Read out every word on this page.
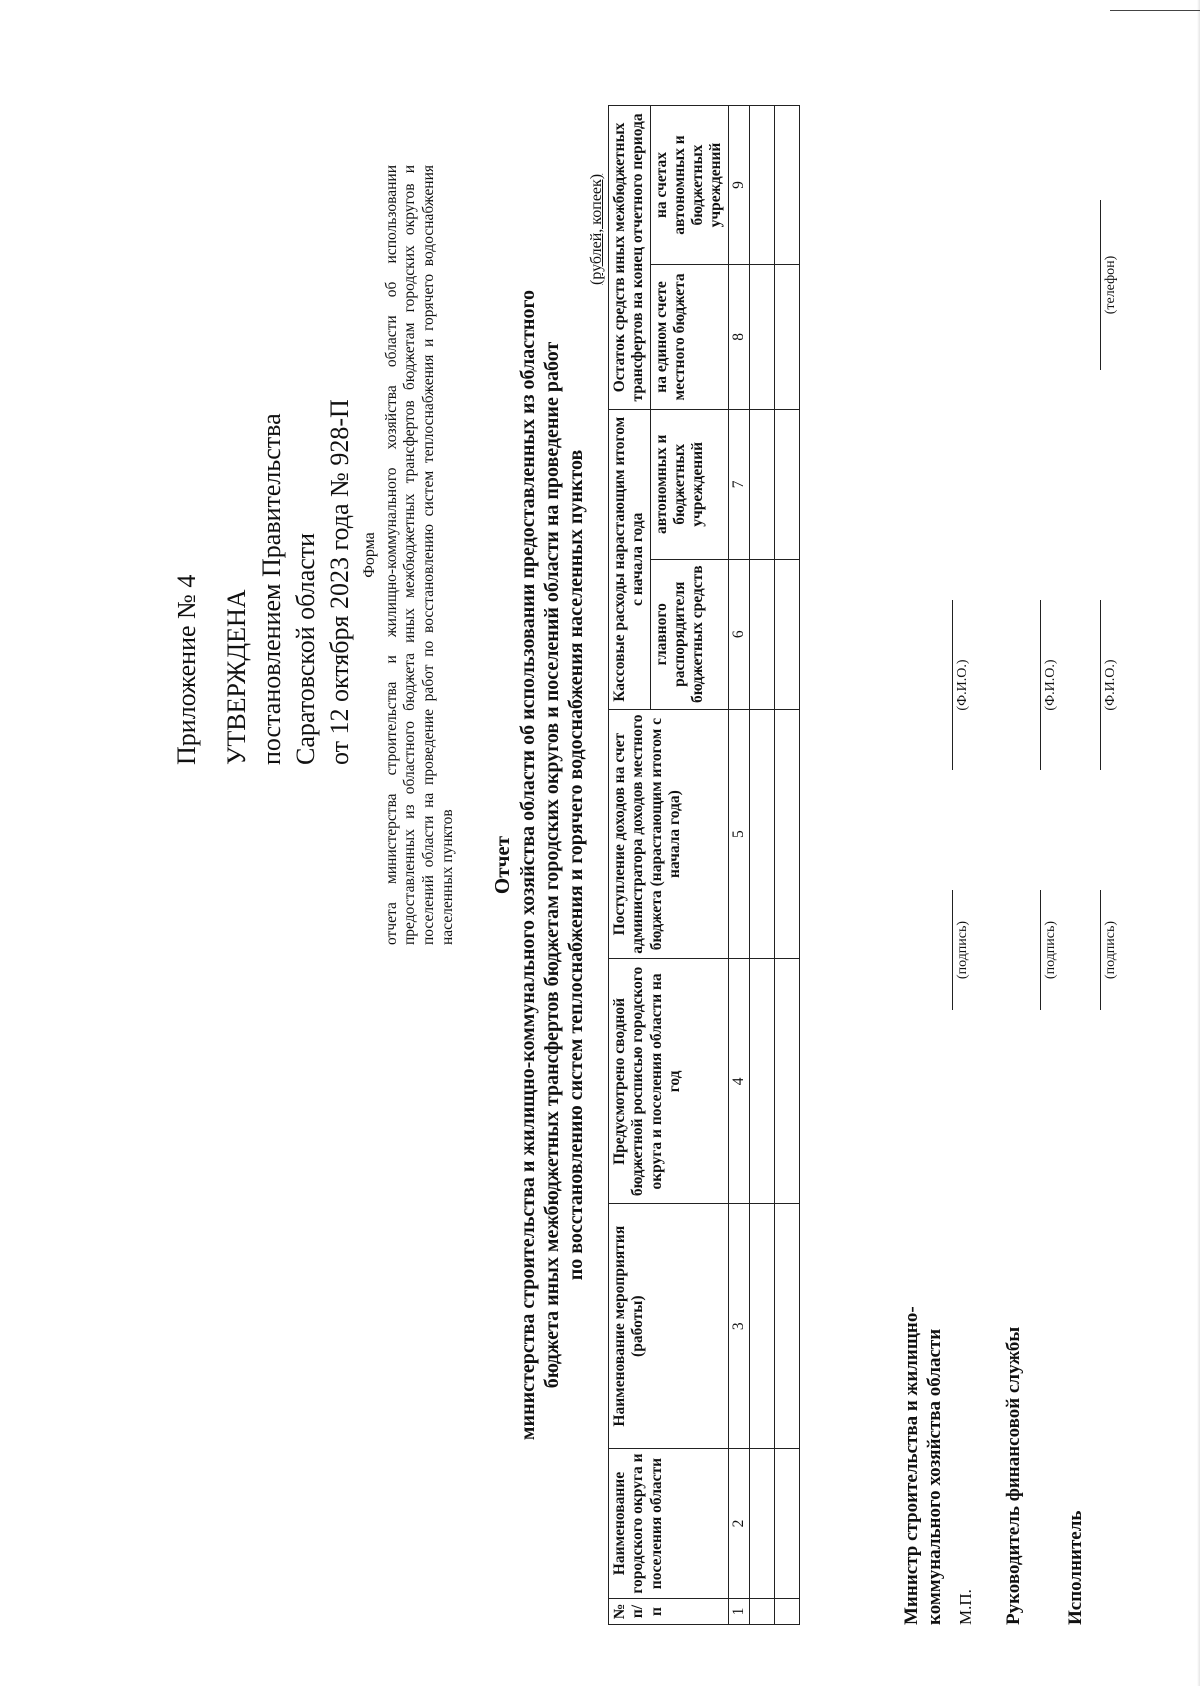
Приложение № 4 УТВЕРЖДЕНА постановлением Правительства Саратовской области от 12 октября 2023 года № 928-П Форма отчета министерства строительства и жилищно-коммунального хозяйства области об использовании предоставленных из областного бюджета иных межбюджетных трансфертов бюджетам городских округов и поселений области на проведение работ по восстановлению систем теплоснабжения и горячего водоснабжения населенных пунктов Отчет министерства строительства и жилищно-коммунального хозяйства области об использовании предоставленных из областного бюджета иных межбюджетных трансфертов бюджетам городских округов и поселений области на проведение работ по восстановлению систем теплоснабжения и горячего водоснабжения населенных пунктов
(рублей, копеек)
№ п/п	Наименование городского округа и поселения области	Наименование мероприятия (работы)	Предусмотрено сводной бюджетной росписью городского округа и поселения области на год	Поступление доходов на счет администратора доходов местного бюджета (нарастающим итогом с начала года)	Кассовые расходы нарастающим итогом с начала года		Остаток средств иных межбюджетных трансфертов на конец отчетного периода	
					главного распорядителя бюджетных средств	автономных и бюджетных учреждений	на едином счете местного бюджета	на счетах автономных и бюджетных учреждений
1	2	3	4	5	6	7	8	9

Министр строительства и жилищно-коммунального хозяйства области М.П.
(подпись)
(Ф.И.О.)
Руководитель финансовой службы
(подпись)
(Ф.И.О.)
Исполнитель
(подпись)
(Ф.И.О.)
(телефон)
